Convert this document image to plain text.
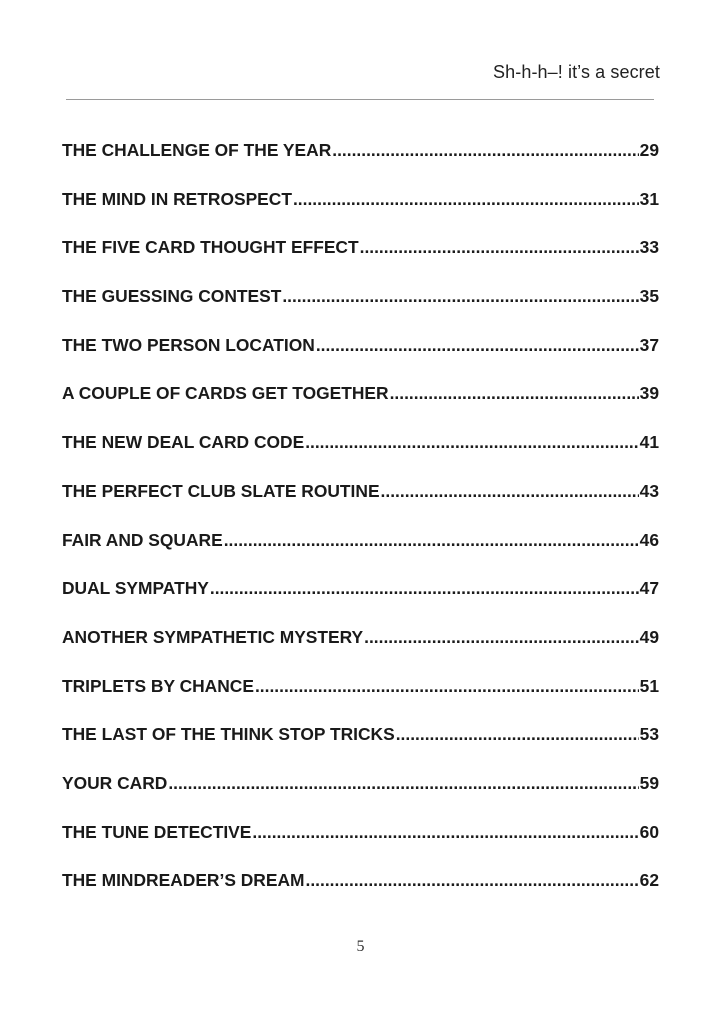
Sh-h-h–! it’s a secret
THE CHALLENGE OF THE YEAR .....	29
THE MIND IN RETROSPECT .....	31
THE FIVE CARD THOUGHT EFFECT .....	33
THE GUESSING CONTEST .....	35
THE TWO PERSON LOCATION .....	37
A COUPLE OF CARDS GET TOGETHER .....	39
THE NEW DEAL CARD CODE .....	41
THE PERFECT CLUB SLATE ROUTINE .....	43
FAIR AND SQUARE .....	46
DUAL SYMPATHY .....	47
ANOTHER SYMPATHETIC MYSTERY .....	49
TRIPLETS BY CHANCE .....	51
THE LAST OF THE THINK STOP TRICKS .....	53
YOUR CARD .....	59
THE TUNE DETECTIVE .....	60
THE MINDREADER’S DREAM .....	62
5
